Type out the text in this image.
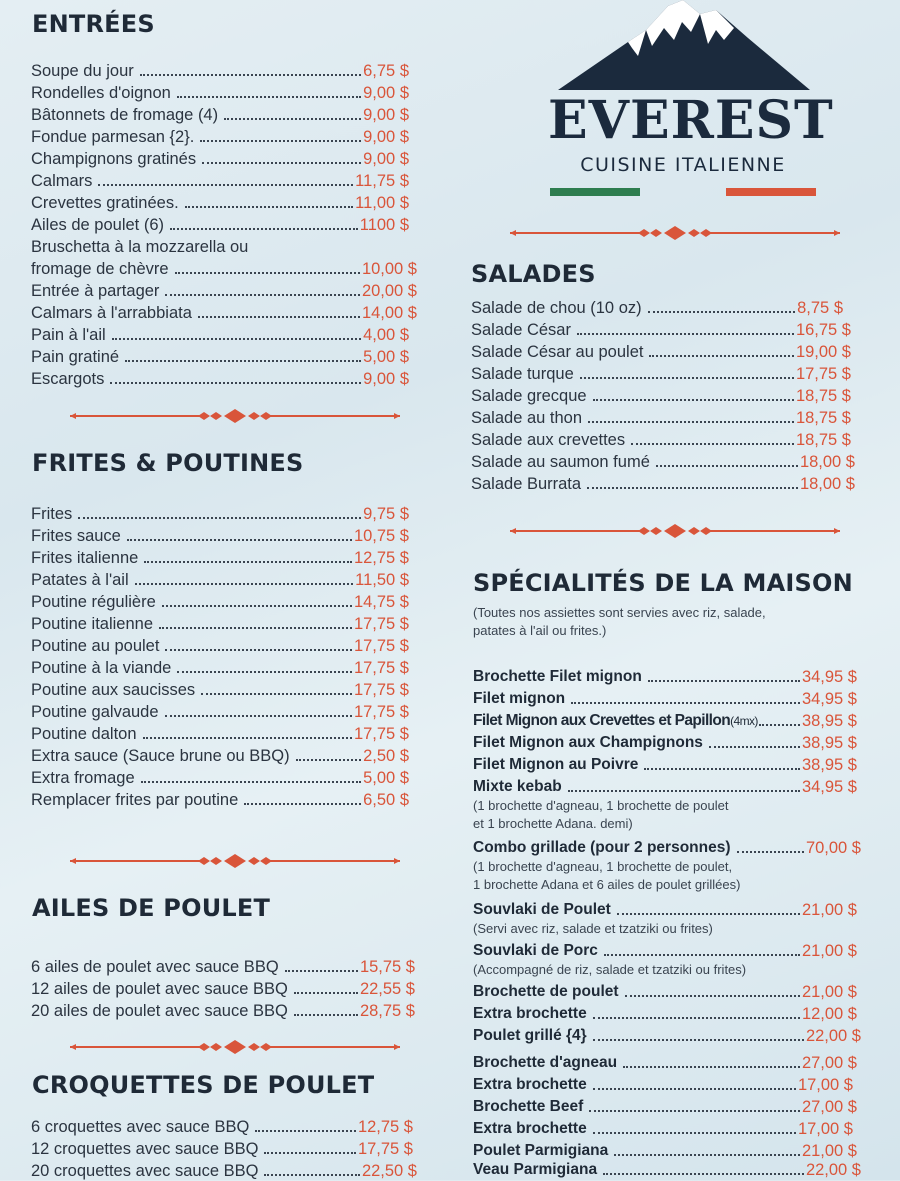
ENTRÉES
Soupe du jour	6,75 $
Rondelles d'oignon	9,00 $
Bâtonnets de fromage (4)	9,00 $
Fondue parmesan {2}.	9,00 $
Champignons gratinés	9,00 $
Calmars	11,75 $
Crevettes gratinées.	11,00 $
Ailes de poulet (6)	1100 $
Bruschetta à la mozzarella ou
fromage de chèvre	10,00 $
Entrée à partager	20,00 $
Calmars à l'arrabbiata	14,00 $
Pain à l'ail	4,00 $
Pain gratiné	5,00 $
Escargots	9,00 $
FRITES & POUTINES
Frites	9,75 $
Frites sauce	10,75 $
Frites italienne	12,75 $
Patates à l'ail	11,50 $
Poutine régulière	14,75 $
Poutine italienne	17,75 $
Poutine au poulet	17,75 $
Poutine à la viande	17,75 $
Poutine aux saucisses	17,75 $
Poutine galvaude	17,75 $
Poutine dalton	17,75 $
Extra sauce (Sauce brune ou BBQ)	2,50 $
Extra fromage	5,00 $
Remplacer frites par poutine	6,50 $
AILES DE POULET
6 ailes de poulet avec sauce BBQ	15,75 $
12 ailes de poulet avec sauce BBQ	22,55 $
20 ailes de poulet avec sauce BBQ	28,75 $
CROQUETTES DE POULET
6 croquettes avec sauce BBQ	12,75 $
12 croquettes avec sauce BBQ	17,75 $
20 croquettes avec sauce BBQ	22,50 $
EVEREST
CUISINE ITALIENNE
SALADES
Salade de chou (10 oz)	8,75 $
Salade César	16,75 $
Salade César au poulet	19,00 $
Salade turque	17,75 $
Salade grecque	18,75 $
Salade au thon	18,75 $
Salade aux crevettes	18,75 $
Salade au saumon fumé	18,00 $
Salade Burrata	18,00 $
SPÉCIALITÉS DE LA MAISON
(Toutes nos assiettes sont servies avec riz, salade,
patates à l'ail ou frites.)
Brochette Filet mignon	34,95 $
Filet mignon	34,95 $
Filet Mignon aux Crevettes et Papillon(4mx)	38,95 $
Filet Mignon aux Champignons	38,95 $
Filet Mignon au Poivre	38,95 $
Mixte kebab	34,95 $
(1 brochette d'agneau, 1 brochette de poulet
et 1 brochette Adana. demi)
Combo grillade (pour 2 personnes)	70,00 $
(1 brochette d'agneau, 1 brochette de poulet,
1 brochette Adana et 6 ailes de poulet grillées)
Souvlaki de Poulet	21,00 $
(Servi avec riz, salade et tzatziki ou frites)
Souvlaki de Porc	21,00 $
(Accompagné de riz, salade et tzatziki ou frites)
Brochette de poulet	21,00 $
Extra brochette	12,00 $
Poulet grillé {4}	22,00 $
Brochette d'agneau	27,00 $
Extra brochette	17,00 $
Brochette Beef	27,00 $
Extra brochette	17,00 $
Poulet Parmigiana	21,00 $
Veau Parmigiana	22,00 $
